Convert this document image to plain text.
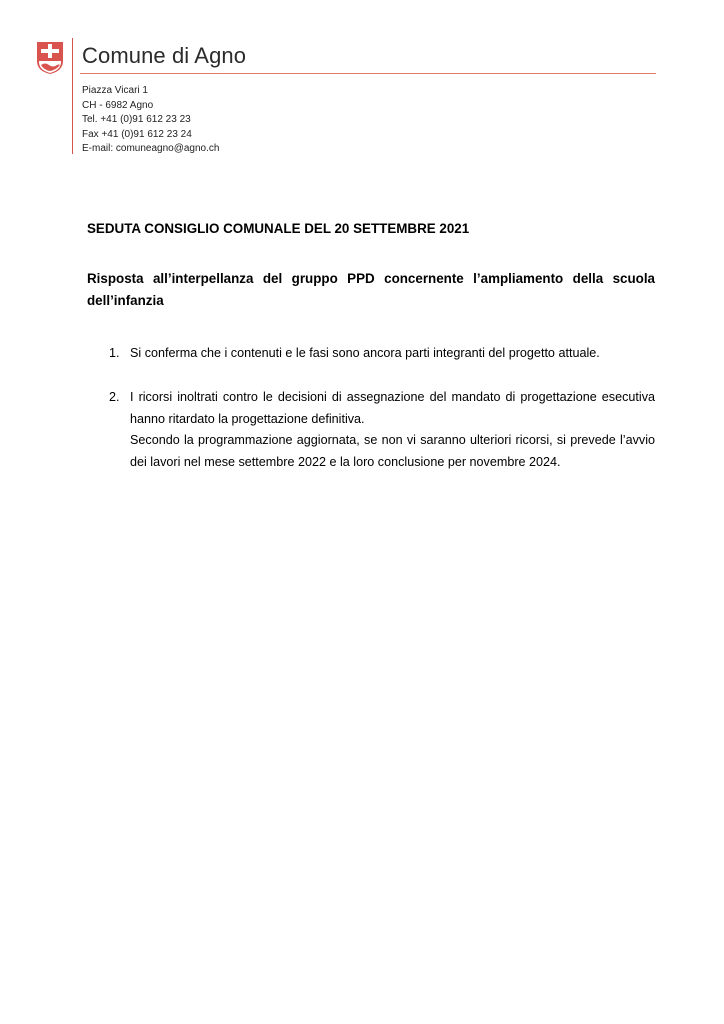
Comune di Agno
Piazza Vicari 1
CH - 6982 Agno
Tel. +41 (0)91 612 23 23
Fax +41 (0)91 612 23 24
E-mail: comuneagno@agno.ch
SEDUTA CONSIGLIO COMUNALE DEL 20 SETTEMBRE 2021
Risposta all’interpellanza del gruppo PPD concernente l’ampliamento della scuola dell’infanzia
1. Si conferma che i contenuti e le fasi sono ancora parti integranti del progetto attuale.
2. I ricorsi inoltrati contro le decisioni di assegnazione del mandato di progettazione esecutiva hanno ritardato la progettazione definitiva.

Secondo la programmazione aggiornata, se non vi saranno ulteriori ricorsi, si prevede l’avvio dei lavori nel mese settembre 2022 e la loro conclusione per novembre 2024.
